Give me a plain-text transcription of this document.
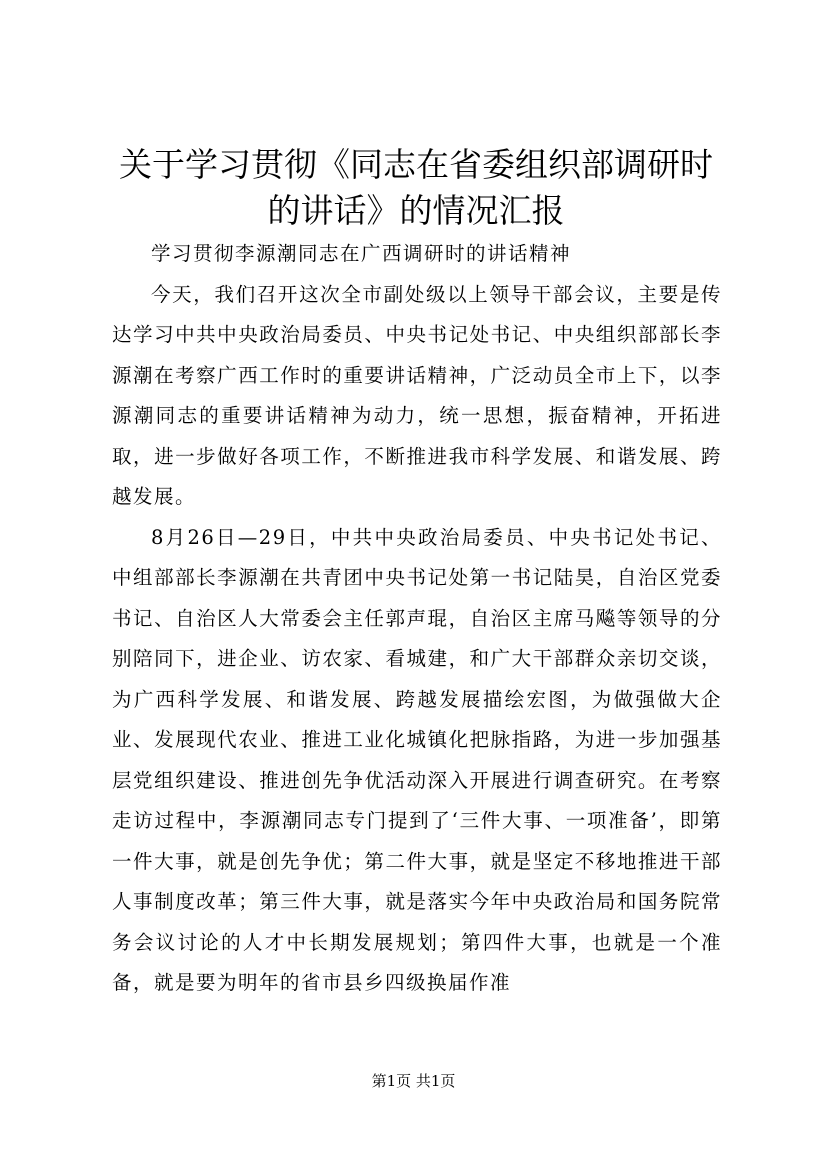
关于学习贯彻《同志在省委组织部调研时的讲话》的情况汇报

学习贯彻李源潮同志在广西调研时的讲话精神

今天，我们召开这次全市副处级以上领导干部会议，主要是传达学习中共中央政治局委员、中央书记处书记、中央组织部部长李源潮在考察广西工作时的重要讲话精神，广泛动员全市上下，以李源潮同志的重要讲话精神为动力，统一思想，振奋精神，开拓进取，进一步做好各项工作，不断推进我市科学发展、和谐发展、跨越发展。

8月26日—29日，中共中央政治局委员、中央书记处书记、中组部部长李源潮在共青团中央书记处第一书记陆昊，自治区党委书记、自治区人大常委会主任郭声琨，自治区主席马飚等领导的分别陪同下，进企业、访农家、看城建，和广大干部群众亲切交谈，为广西科学发展、和谐发展、跨越发展描绘宏图，为做强做大企业、发展现代农业、推进工业化城镇化把脉指路，为进一步加强基层党组织建设、推进创先争优活动深入开展进行调查研究。在考察走访过程中，李源潮同志专门提到了‘三件大事、一项准备’，即第一件大事，就是创先争优；第二件大事，就是坚定不移地推进干部人事制度改革；第三件大事，就是落实今年中央政治局和国务院常务会议讨论的人才中长期发展规划；第四件大事，也就是一个准备，就是要为明年的省市县乡四级换届作准

第1页 共1页
